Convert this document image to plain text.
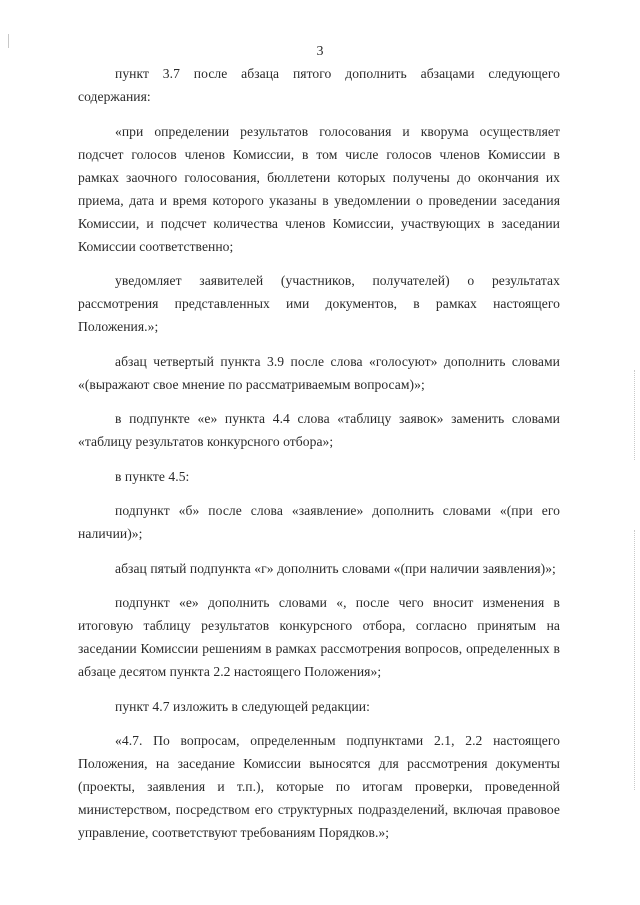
3

пункт 3.7 после абзаца пятого дополнить абзацами следующего содержания:

«при определении результатов голосования и кворума осуществляет подсчет голосов членов Комиссии, в том числе голосов членов Комиссии в рамках заочного голосования, бюллетени которых получены до окончания их приема, дата и время которого указаны в уведомлении о проведении заседания Комиссии, и подсчет количества членов Комиссии, участвующих в заседании Комиссии соответственно;

уведомляет заявителей (участников, получателей) о результатах рассмотрения представленных ими документов, в рамках настоящего Положения.»;

абзац четвертый пункта 3.9 после слова «голосуют» дополнить словами «(выражают свое мнение по рассматриваемым вопросам)»;

в подпункте «е» пункта 4.4 слова «таблицу заявок» заменить словами «таблицу результатов конкурсного отбора»;

в пункте 4.5:

подпункт «б» после слова «заявление» дополнить словами «(при его наличии)»;

абзац пятый подпункта «г» дополнить словами «(при наличии заявления)»;

подпункт «е» дополнить словами «, после чего вносит изменения в итоговую таблицу результатов конкурсного отбора, согласно принятым на заседании Комиссии решениям в рамках рассмотрения вопросов, определенных в абзаце десятом пункта 2.2 настоящего Положения»;

пункт 4.7 изложить в следующей редакции:

«4.7. По вопросам, определенным подпунктами 2.1, 2.2 настоящего Положения, на заседание Комиссии выносятся для рассмотрения документы (проекты, заявления и т.п.), которые по итогам проверки, проведенной министерством, посредством его структурных подразделений, включая правовое управление, соответствуют требованиям Порядков.»;
